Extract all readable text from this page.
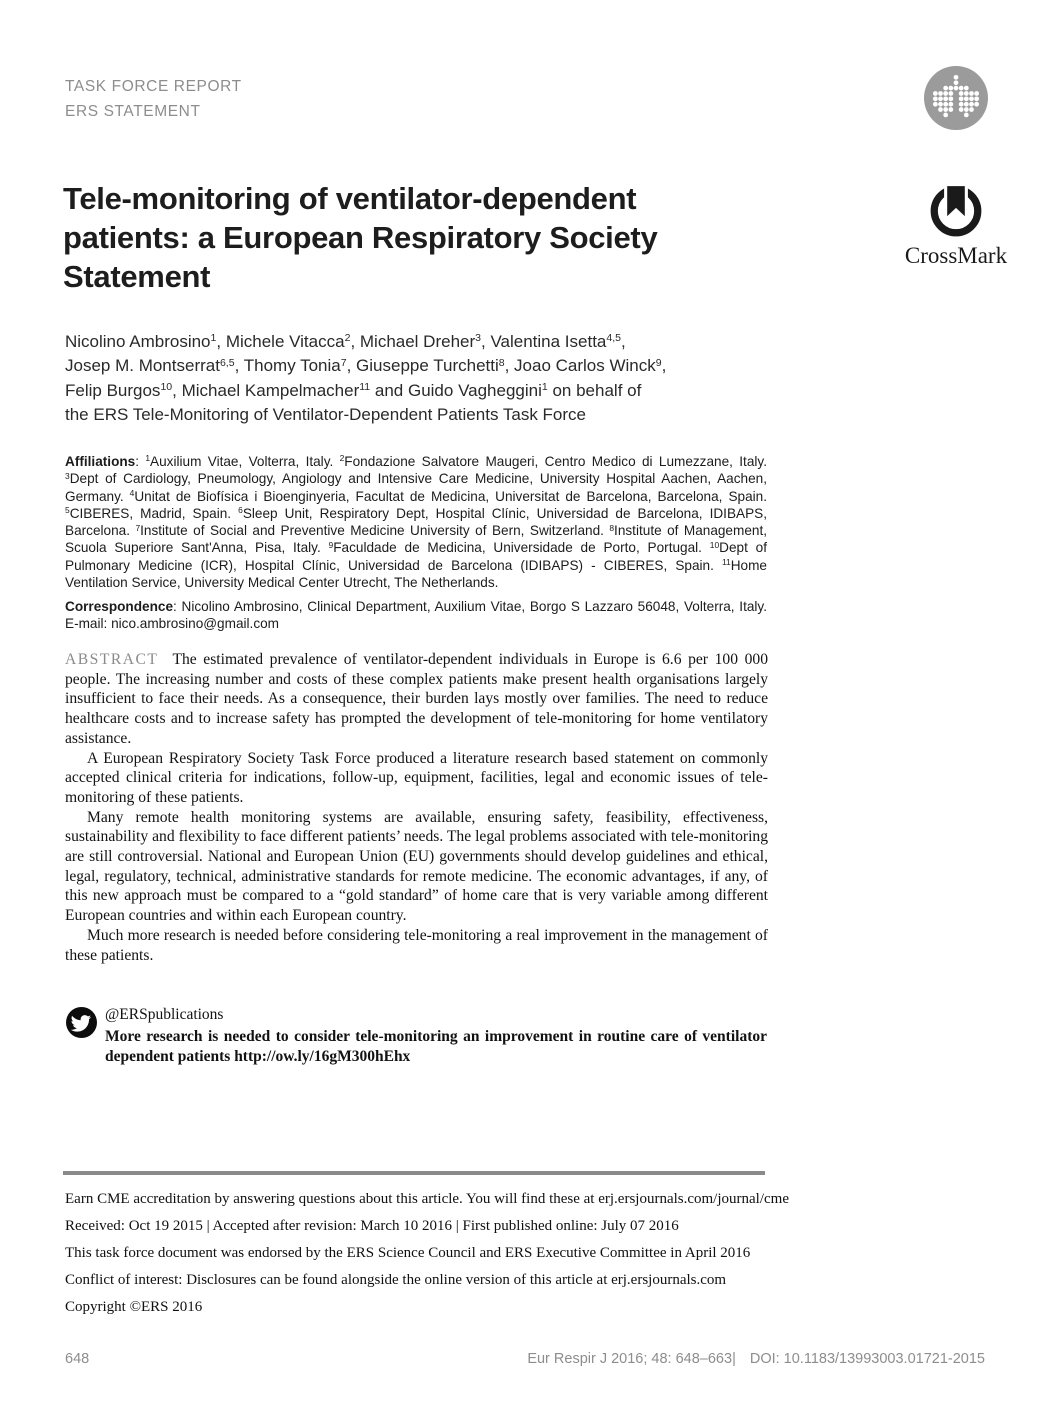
TASK FORCE REPORT
ERS STATEMENT
Tele-monitoring of ventilator-dependent
patients: a European Respiratory Society
Statement
CrossMark
Nicolino Ambrosino$^1$, Michele Vitacca$^2$, Michael Dreher$^3$, Valentina Isetta$^{4,5}$,
Josep M. Montserrat$^{6,5}$, Thomy Tonia$^7$, Giuseppe Turchetti$^8$, Joao Carlos Winck$^9$,
Felip Burgos$^{10}$, Michael Kampelmacher$^{11}$ and Guido Vagheggini$^1$ on behalf of
the ERS Tele-Monitoring of Ventilator-Dependent Patients Task Force
Affiliations: $^1$Auxilium Vitae, Volterra, Italy. $^2$Fondazione Salvatore Maugeri, Centro Medico di Lumezzane, Italy. $^3$Dept of Cardiology, Pneumology, Angiology and Intensive Care Medicine, University Hospital Aachen, Aachen, Germany. $^4$Unitat de Biofísica i Bioenginyeria, Facultat de Medicina, Universitat de Barcelona, Barcelona, Spain. $^5$CIBERES, Madrid, Spain. $^6$Sleep Unit, Respiratory Dept, Hospital Clínic, Universidad de Barcelona, IDIBAPS, Barcelona. $^7$Institute of Social and Preventive Medicine University of Bern, Switzerland. $^8$Institute of Management, Scuola Superiore Sant'Anna, Pisa, Italy. $^9$Faculdade de Medicina, Universidade de Porto, Portugal. $^{10}$Dept of Pulmonary Medicine (ICR), Hospital Clínic, Universidad de Barcelona (IDIBAPS) - CIBERES, Spain. $^{11}$Home Ventilation Service, University Medical Center Utrecht, The Netherlands.
Correspondence: Nicolino Ambrosino, Clinical Department, Auxilium Vitae, Borgo S Lazzaro 56048, Volterra, Italy. E-mail: nico.ambrosino@gmail.com

ABSTRACT The estimated prevalence of ventilator-dependent individuals in Europe is 6.6 per 100 000 people. The increasing number and costs of these complex patients make present health organisations largely insufficient to face their needs. As a consequence, their burden lays mostly over families. The need to reduce healthcare costs and to increase safety has prompted the development of tele-monitoring for home ventilatory assistance.

A European Respiratory Society Task Force produced a literature research based statement on commonly accepted clinical criteria for indications, follow-up, equipment, facilities, legal and economic issues of tele-monitoring of these patients.

Many remote health monitoring systems are available, ensuring safety, feasibility, effectiveness, sustainability and flexibility to face different patients’ needs. The legal problems associated with tele-monitoring are still controversial. National and European Union (EU) governments should develop guidelines and ethical, legal, regulatory, technical, administrative standards for remote medicine. The economic advantages, if any, of this new approach must be compared to a “gold standard” of home care that is very variable among different European countries and within each European country.

Much more research is needed before considering tele-monitoring a real improvement in the management of these patients.

@ERSpublications
More research is needed to consider tele-monitoring an improvement in routine care of ventilator dependent patients http://ow.ly/16gM300hEhx
Earn CME accreditation by answering questions about this article. You will find these at erj.ersjournals.com/journal/cme
Received: Oct 19 2015 | Accepted after revision: March 10 2016 | First published online: July 07 2016
This task force document was endorsed by the ERS Science Council and ERS Executive Committee in April 2016
Conflict of interest: Disclosures can be found alongside the online version of this article at erj.ersjournals.com
Copyright ©ERS 2016
648	Eur Respir J 2016; 48: 648–663| DOI: 10.1183/13993003.01721-2015
